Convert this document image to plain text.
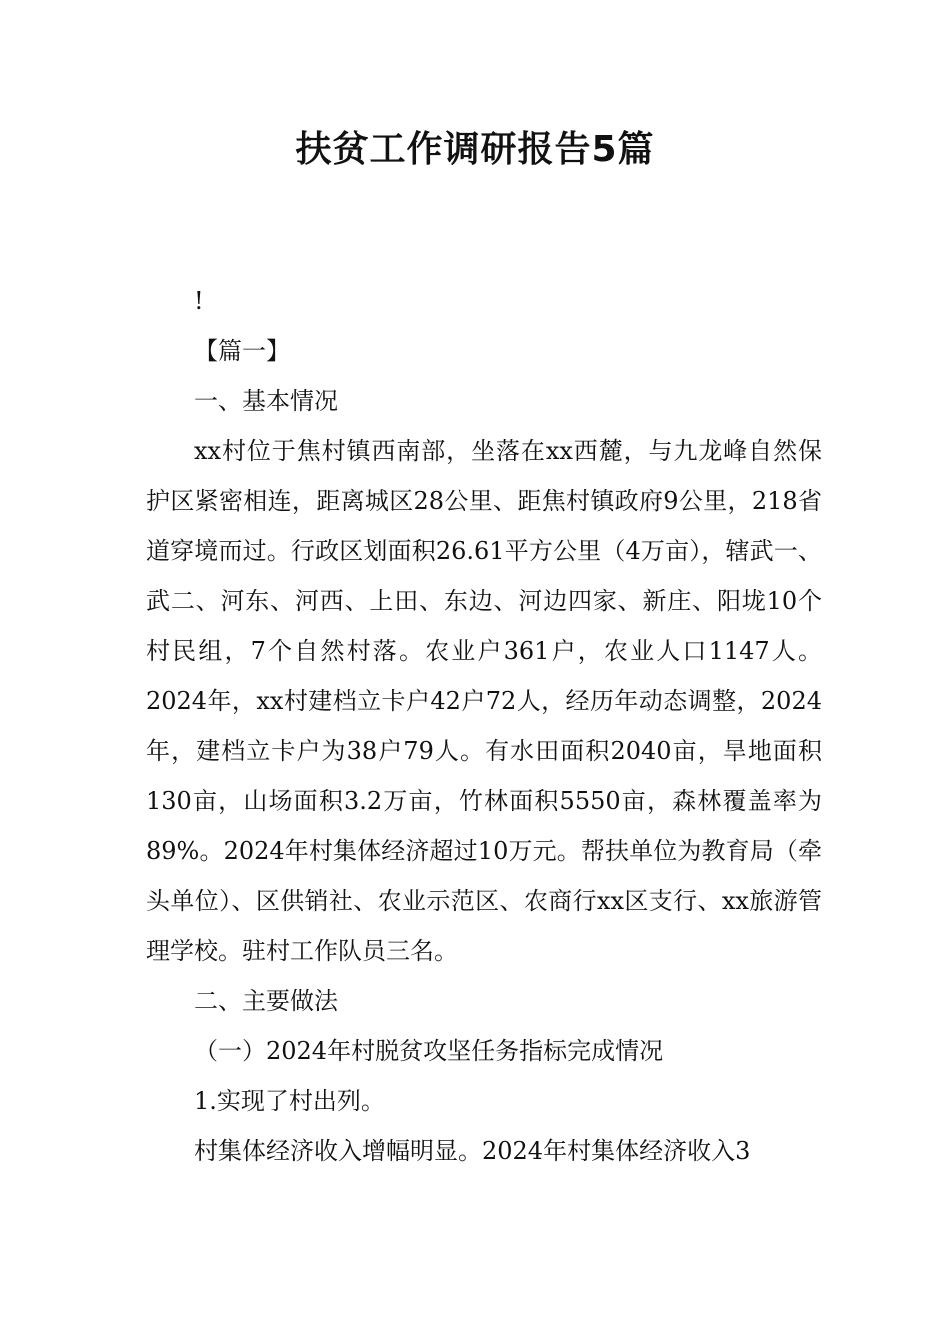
扶贫工作调研报告5篇

!

【篇一】

一、基本情况

xx村位于焦村镇西南部，坐落在xx西麓，与九龙峰自然保护区紧密相连，距离城区28公里、距焦村镇政府9公里，218省道穿境而过。行政区划面积26.61平方公里（4万亩），辖武一、武二、河东、河西、上田、东边、河边四家、新庄、阳垅10个村民组，7个自然村落。农业户361户，农业人口1147人。2024年，xx村建档立卡户42户72人，经历年动态调整，2024年，建档立卡户为38户79人。有水田面积2040亩，旱地面积130亩，山场面积3.2万亩，竹林面积5550亩，森林覆盖率为89%。2024年村集体经济超过10万元。帮扶单位为教育局（牵头单位）、区供销社、农业示范区、农商行xx区支行、xx旅游管理学校。驻村工作队员三名。

二、主要做法

（一）2024年村脱贫攻坚任务指标完成情况

1.实现了村出列。

村集体经济收入增幅明显。2024年村集体经济收入3
